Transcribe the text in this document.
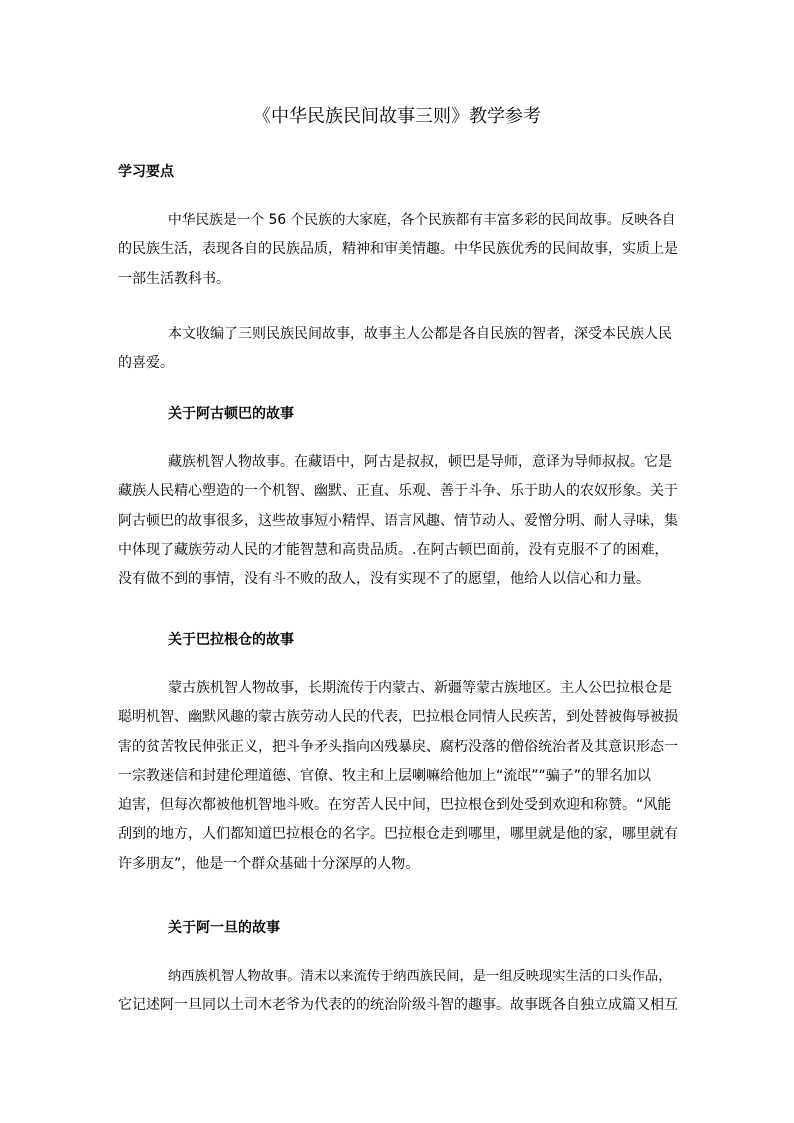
《中华民族民间故事三则》教学参考
学习要点
中华民族是一个 56 个民族的大家庭，各个民族都有丰富多彩的民间故事。反映各自
的民族生活，表现各自的民族品质，精神和审美情趣。中华民族优秀的民间故事，实质上是
一部生活教科书。
本文收编了三则民族民间故事，故事主人公都是各自民族的智者，深受本民族人民
的喜爱。
关于阿古顿巴的故事
藏族机智人物故事。在藏语中，阿古是叔叔，顿巴是导师，意译为导师叔叔。它是
藏族人民精心塑造的一个机智、幽默、正直、乐观、善于斗争、乐于助人的农奴形象。关于
阿古顿巴的故事很多，这些故事短小精悍、语言风趣、情节动人、爱憎分明、耐人寻味，集
中体现了藏族劳动人民的才能智慧和高贵品质。.在阿古顿巴面前，没有克服不了的困难，
没有做不到的事情，没有斗不败的敌人，没有实现不了的愿望，他给人以信心和力量。
关于巴拉根仓的故事
蒙古族机智人物故事，长期流传于内蒙古、新疆等蒙古族地区。主人公巴拉根仓是
聪明机智、幽默风趣的蒙古族劳动人民的代表，巴拉根仓同情人民疾苦，到处替被侮辱被损
害的贫苦牧民伸张正义，把斗争矛头指向凶残暴戾、腐朽没落的僧俗统治者及其意识形态一
一宗教迷信和封建伦理道德、官僚、牧主和上层喇嘛给他加上“流氓”“骗子”的罪名加以
迫害，但每次都被他机智地斗败。在穷苦人民中间，巴拉根仓到处受到欢迎和称赞。“风能
刮到的地方，人们都知道巴拉根仓的名字。巴拉根仓走到哪里，哪里就是他的家，哪里就有
许多朋友”，他是一个群众基础十分深厚的人物。
关于阿一旦的故事
纳西族机智人物故事。清末以来流传于纳西族民间，是一组反映现实生活的口头作品，
它记述阿一旦同以土司木老爷为代表的的统治阶级斗智的趣事。故事既各自独立成篇又相互
